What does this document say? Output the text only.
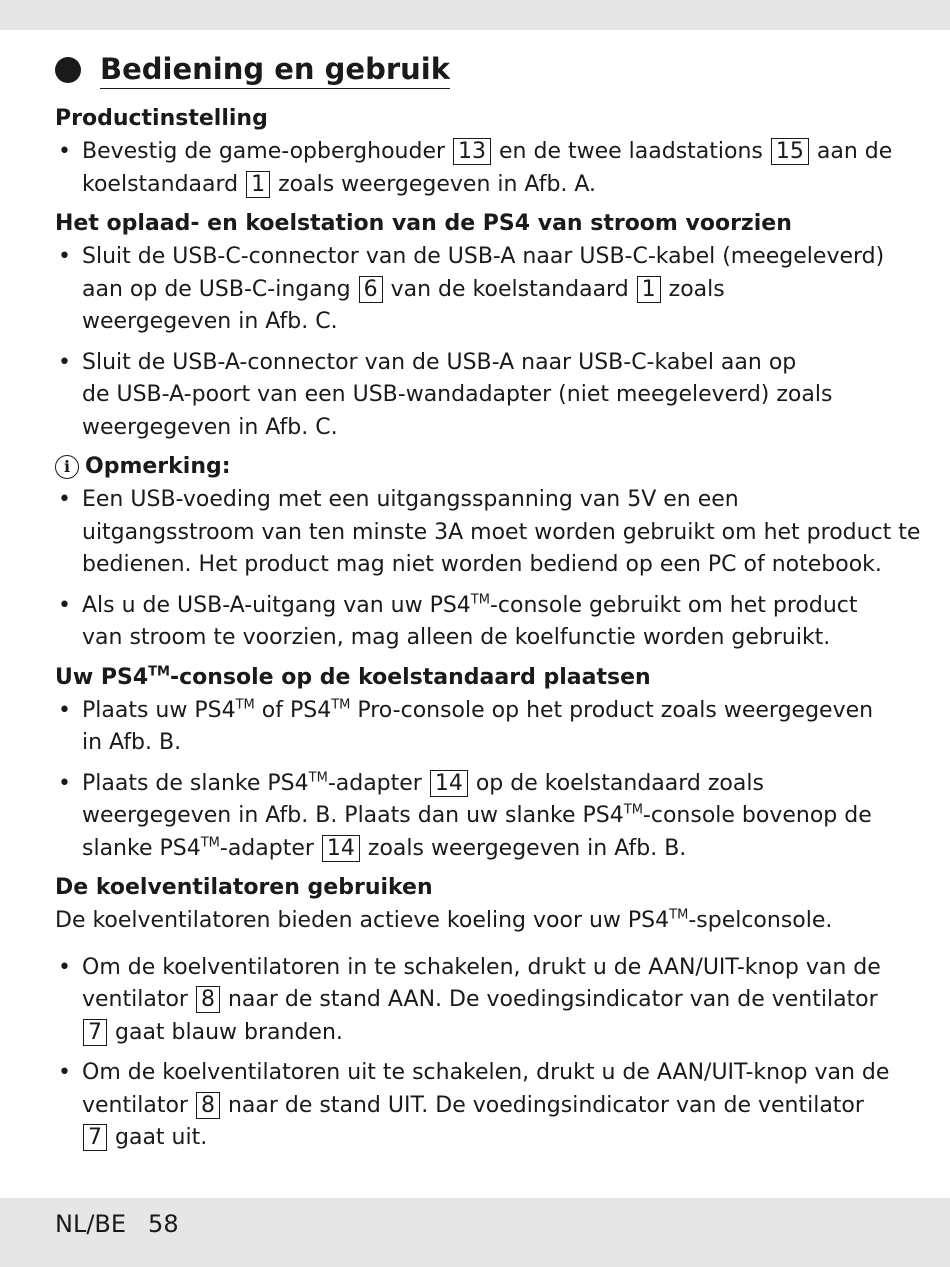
Bediening en gebruik
Productinstelling
• Bevestig de game-opberghouder 13 en de twee laadstations 15 aan de
koelstandaard 1 zoals weergegeven in Afb. A.
Het oplaad- en koelstation van de PS4 van stroom voorzien
• Sluit de USB-C-connector van de USB-A naar USB-C-kabel (meegeleverd)
aan op de USB-C-ingang 6 van de koelstandaard 1 zoals
weergegeven in Afb. C.
• Sluit de USB-A-connector van de USB-A naar USB-C-kabel aan op
de USB-A-poort van een USB-wandadapter (niet meegeleverd) zoals
weergegeven in Afb. C.
i Opmerking:
• Een USB-voeding met een uitgangsspanning van 5V en een
uitgangsstroom van ten minste 3A moet worden gebruikt om het product te
bedienen. Het product mag niet worden bediend op een PC of notebook.
• Als u de USB-A-uitgang van uw PS4™-console gebruikt om het product
van stroom te voorzien, mag alleen de koelfunctie worden gebruikt.
Uw PS4™-console op de koelstandaard plaatsen
• Plaats uw PS4™ of PS4™ Pro-console op het product zoals weergegeven
in Afb. B.
• Plaats de slanke PS4™-adapter 14 op de koelstandaard zoals
weergegeven in Afb. B. Plaats dan uw slanke PS4™-console bovenop de
slanke PS4™-adapter 14 zoals weergegeven in Afb. B.
De koelventilatoren gebruiken
De koelventilatoren bieden actieve koeling voor uw PS4™-spelconsole.
• Om de koelventilatoren in te schakelen, drukt u de AAN/UIT-knop van de
ventilator 8 naar de stand AAN. De voedingsindicator van de ventilator
7 gaat blauw branden.
• Om de koelventilatoren uit te schakelen, drukt u de AAN/UIT-knop van de
ventilator 8 naar de stand UIT. De voedingsindicator van de ventilator
7 gaat uit.
NL/BE 58
